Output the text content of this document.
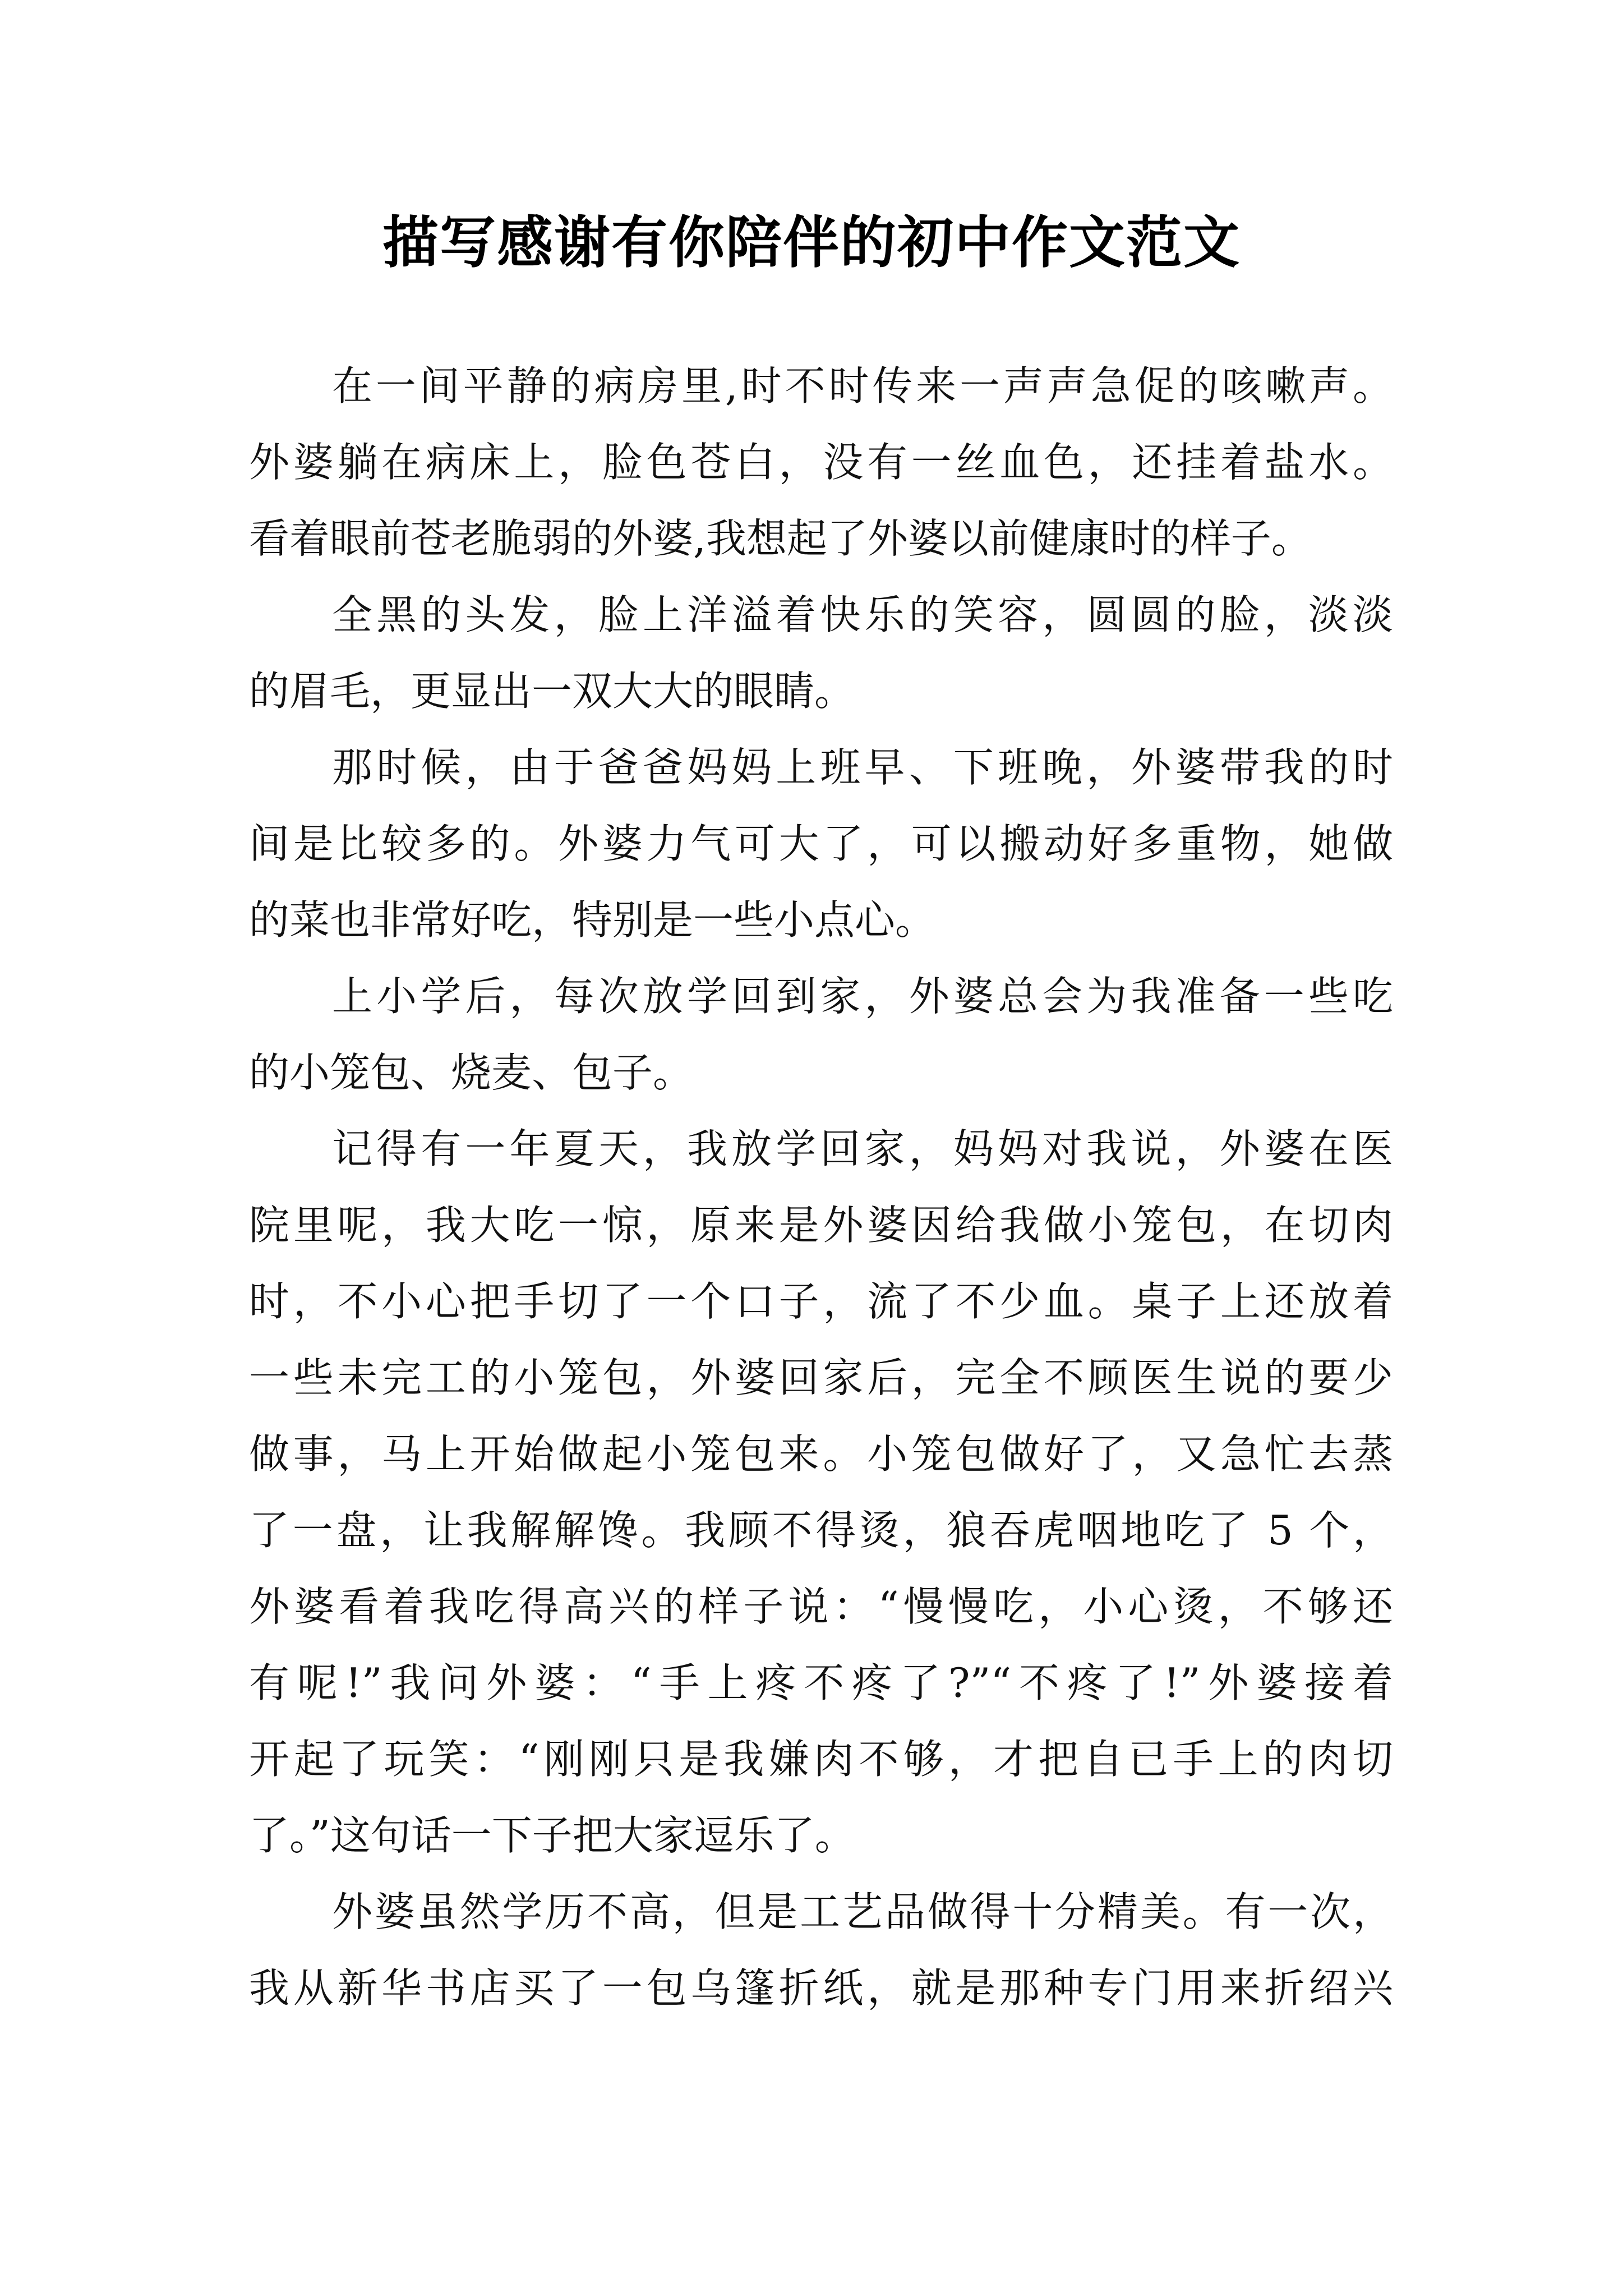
描写感谢有你陪伴的初中作文范文
在一间平静的病房里,时不时传来一声声急促的咳嗽声。
外婆躺在病床上，脸色苍白，没有一丝血色，还挂着盐水。
看着眼前苍老脆弱的外婆,我想起了外婆以前健康时的样子。
全黑的头发，脸上洋溢着快乐的笑容，圆圆的脸，淡淡
的眉毛，更显出一双大大的眼睛。
那时候，由于爸爸妈妈上班早、下班晚，外婆带我的时
间是比较多的。外婆力气可大了，可以搬动好多重物，她做
的菜也非常好吃，特别是一些小点心。
上小学后，每次放学回到家，外婆总会为我准备一些吃
的小笼包、烧麦、包子。
记得有一年夏天，我放学回家，妈妈对我说，外婆在医
院里呢，我大吃一惊，原来是外婆因给我做小笼包，在切肉
时，不小心把手切了一个口子，流了不少血。桌子上还放着
一些未完工的小笼包，外婆回家后，完全不顾医生说的要少
做事，马上开始做起小笼包来。小笼包做好了，又急忙去蒸
了一盘，让我解解馋。我顾不得烫，狼吞虎咽地吃了 5 个，
外婆看着我吃得高兴的样子说：“慢慢吃，小心烫，不够还
有呢!”我问外婆：“手上疼不疼了?”“不疼了!”外婆接着
开起了玩笑：“刚刚只是我嫌肉不够，才把自已手上的肉切
了。”这句话一下子把大家逗乐了。
外婆虽然学历不高，但是工艺品做得十分精美。有一次，
我从新华书店买了一包乌篷折纸，就是那种专门用来折绍兴
